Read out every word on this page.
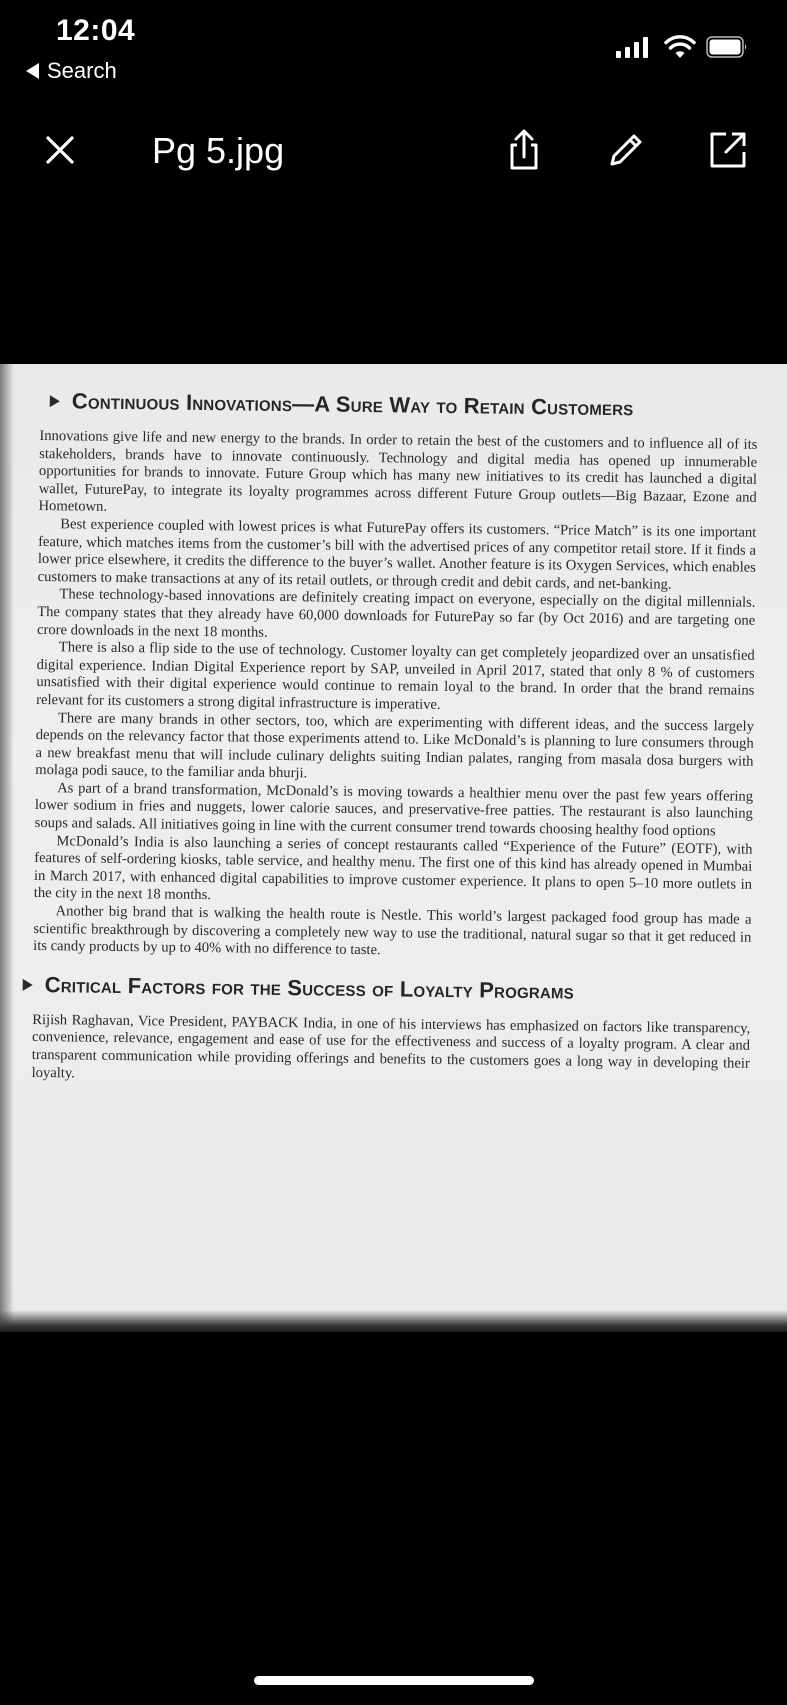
12:04
Search
Pg 5.jpg
Continuous Innovations—A Sure Way to Retain Customers

Innovations give life and new energy to the brands. In order to retain the best of the customers and to influence all of its stakeholders, brands have to innovate continuously. Technology and digital media has opened up innumerable opportunities for brands to innovate. Future Group which has many new initiatives to its credit has launched a digital wallet, FuturePay, to integrate its loyalty programmes across different Future Group outlets—Big Bazaar, Ezone and Hometown.

Best experience coupled with lowest prices is what FuturePay offers its customers. “Price Match” is its one important feature, which matches items from the customer’s bill with the advertised prices of any competitor retail store. If it finds a lower price elsewhere, it credits the difference to the buyer’s wallet. Another feature is its Oxygen Services, which enables customers to make transactions at any of its retail outlets, or through credit and debit cards, and net-banking.

These technology-based innovations are definitely creating impact on everyone, especially on the digital millennials. The company states that they already have 60,000 downloads for FuturePay so far (by Oct 2016) and are targeting one crore downloads in the next 18 months.

There is also a flip side to the use of technology. Customer loyalty can get completely jeopardized over an unsatisfied digital experience. Indian Digital Experience report by SAP, unveiled in April 2017, stated that only 8 % of customers unsatisfied with their digital experience would continue to remain loyal to the brand. In order that the brand remains relevant for its customers a strong digital infrastructure is imperative.

There are many brands in other sectors, too, which are experimenting with different ideas, and the success largely depends on the relevancy factor that those experiments attend to. Like McDonald’s is planning to lure consumers through a new breakfast menu that will include culinary delights suiting Indian palates, ranging from masala dosa burgers with molaga podi sauce, to the familiar anda bhurji.

As part of a brand transformation, McDonald’s is moving towards a healthier menu over the past few years offering lower sodium in fries and nuggets, lower calorie sauces, and preservative-free patties. The restaurant is also launching soups and salads. All initiatives going in line with the current consumer trend towards choosing healthy food options

McDonald’s India is also launching a series of concept restaurants called “Experience of the Future” (EOTF), with features of self-ordering kiosks, table service, and healthy menu. The first one of this kind has already opened in Mumbai in March 2017, with enhanced digital capabilities to improve customer experience. It plans to open 5–10 more outlets in the city in the next 18 months.

Another big brand that is walking the health route is Nestle. This world’s largest packaged food group has made a scientific breakthrough by discovering a completely new way to use the traditional, natural sugar so that it get reduced in its candy products by up to 40% with no difference to taste.

Critical Factors for the Success of Loyalty Programs

Rijish Raghavan, Vice President, PAYBACK India, in one of his interviews has emphasized on factors like transparency, convenience, relevance, engagement and ease of use for the effectiveness and success of a loyalty program. A clear and transparent communication while providing offerings and benefits to the customers goes a long way in developing their loyalty.
